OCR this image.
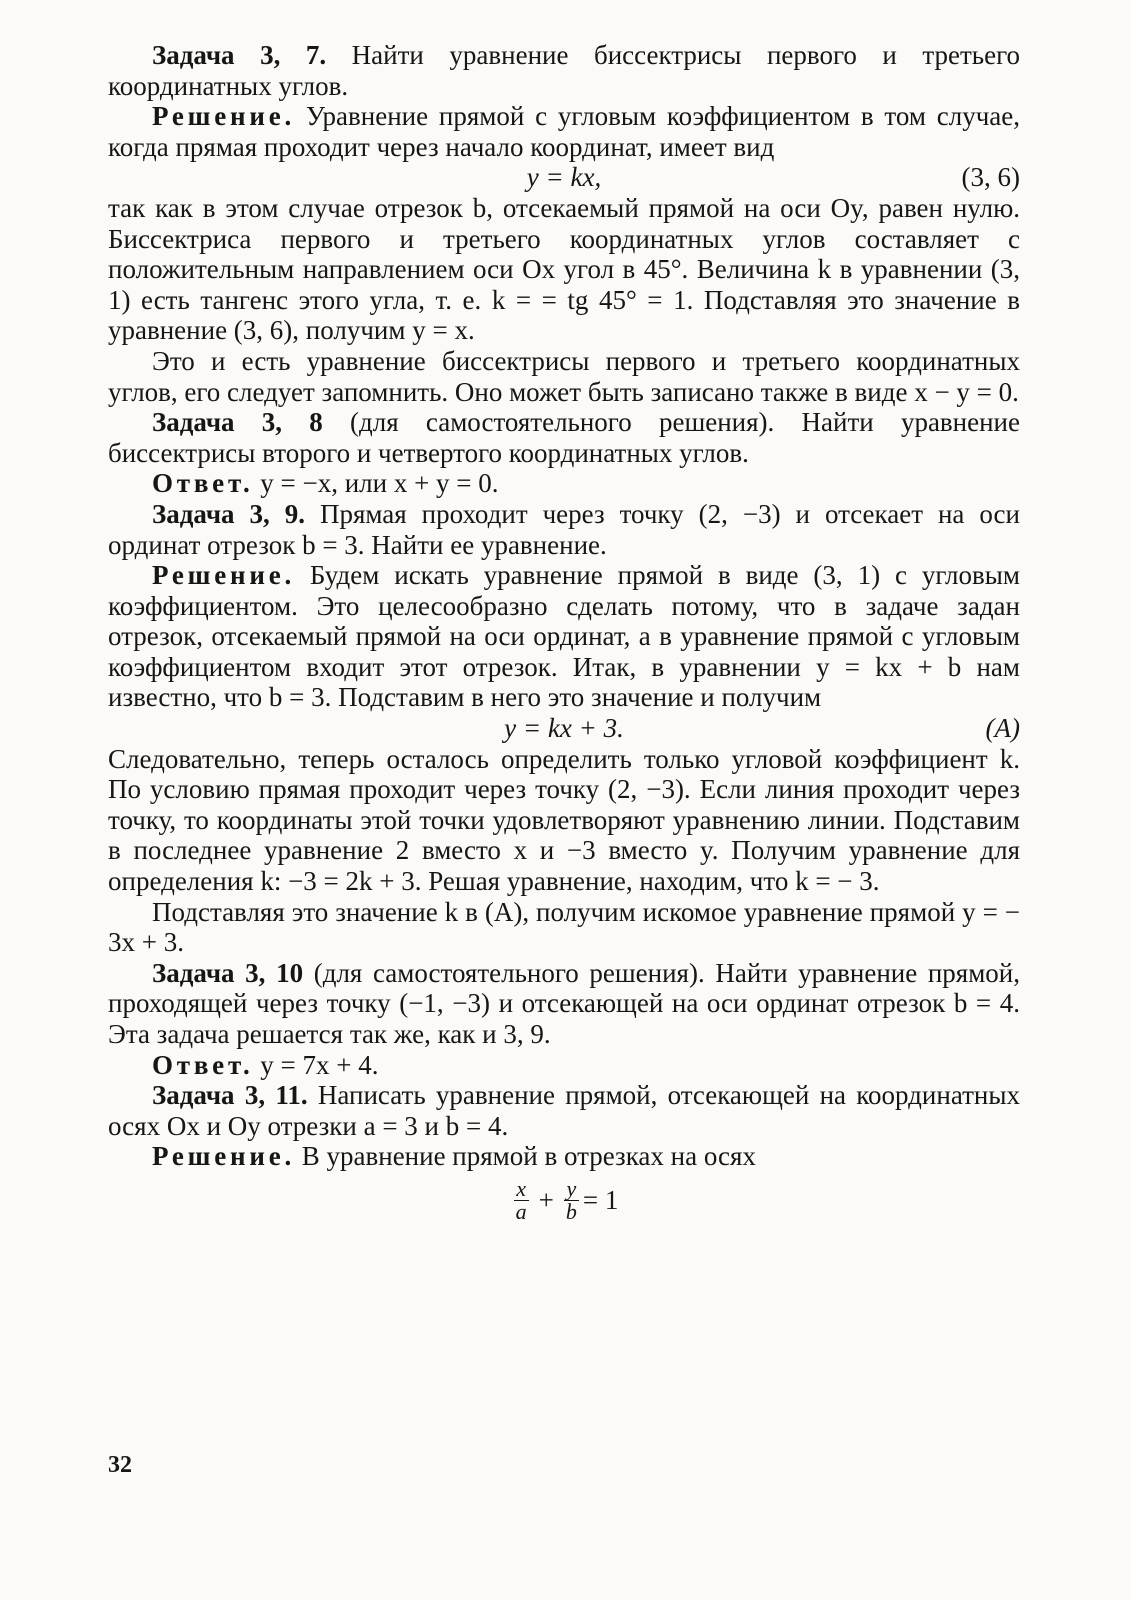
Задача 3, 7. Найти уравнение биссектрисы первого и третьего координатных углов.

Решение. Уравнение прямой с угловым коэффициентом в том случае, когда прямая проходит через начало координат, имеет вид

y = kx,	(3, 6)

так как в этом случае отрезок b, отсекаемый прямой на оси Oy, равен нулю. Биссектриса первого и третьего координатных углов составляет с положительным направлением оси Ox угол в 45°. Величина k в уравнении (3, 1) есть тангенс этого угла, т. е. k = = tg 45° = 1. Подставляя это значение в уравнение (3, 6), получим y = x.

Это и есть уравнение биссектрисы первого и третьего координатных углов, его следует запомнить. Оно может быть записано также в виде x − y = 0.

Задача 3, 8 (для самостоятельного решения). Найти уравнение биссектрисы второго и четвертого координатных углов.

Ответ. y = −x, или x + y = 0.

Задача 3, 9. Прямая проходит через точку (2, −3) и отсекает на оси ординат отрезок b = 3. Найти ее уравнение.

Решение. Будем искать уравнение прямой в виде (3, 1) с угловым коэффициентом. Это целесообразно сделать потому, что в задаче задан отрезок, отсекаемый прямой на оси ординат, а в уравнение прямой с угловым коэффициентом входит этот отрезок. Итак, в уравнении y = kx + b нам известно, что b = 3. Подставим в него это значение и получим

y = kx + 3.	(A)

Следовательно, теперь осталось определить только угловой коэффициент k. По условию прямая проходит через точку (2, −3). Если линия проходит через точку, то координаты этой точки удовлетворяют уравнению линии. Подставим в последнее уравнение 2 вместо x и −3 вместо y. Получим уравнение для определения k: −3 = 2k + 3. Решая уравнение, находим, что k = − 3.

Подставляя это значение k в (A), получим искомое уравнение прямой y = − 3x + 3.

Задача 3, 10 (для самостоятельного решения). Найти уравнение прямой, проходящей через точку (−1, −3) и отсекающей на оси ординат отрезок b = 4. Эта задача решается так же, как и 3, 9.

Ответ. y = 7x + 4.

Задача 3, 11. Написать уравнение прямой, отсекающей на координатных осях Ox и Oy отрезки a = 3 и b = 4.

Решение. В уравнение прямой в отрезках на осях

$\frac{x}{a} + \frac{y}{b} = 1$
32
